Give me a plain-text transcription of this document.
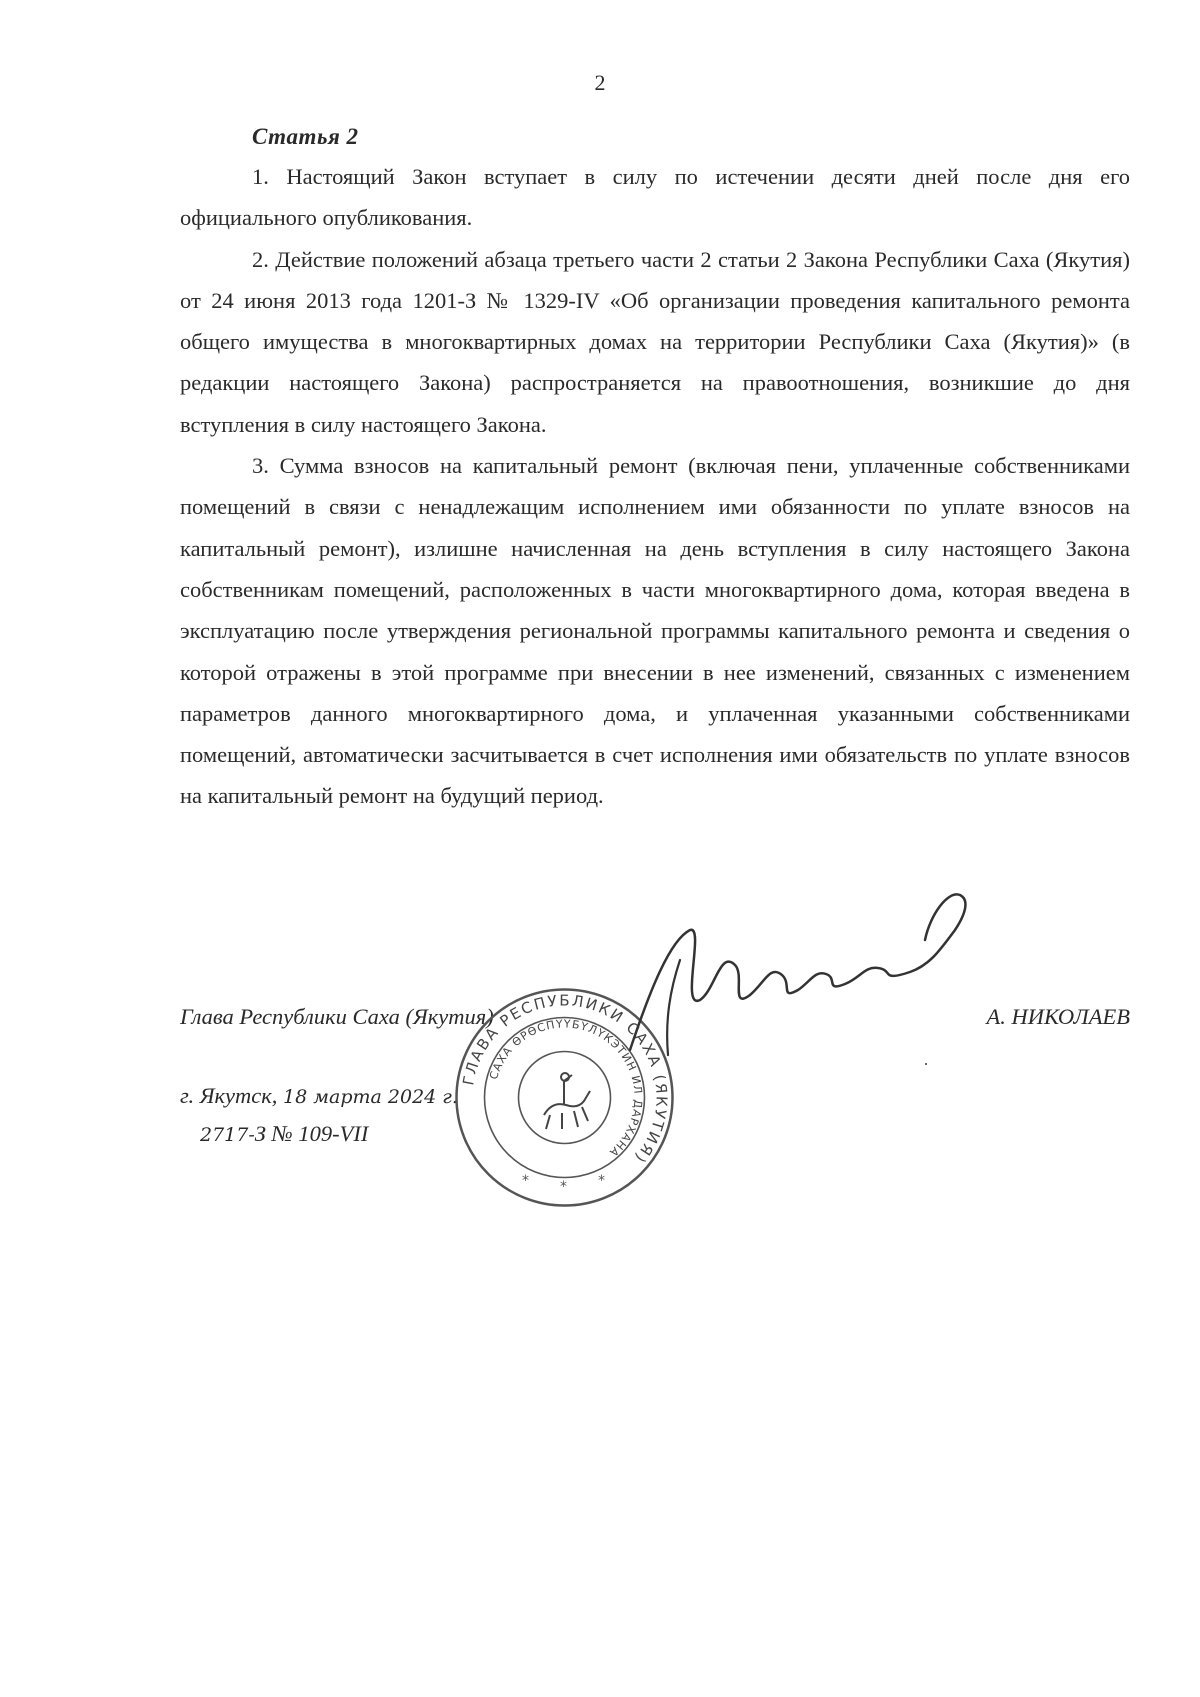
2
Статья 2

1. Настоящий Закон вступает в силу по истечении десяти дней после дня его официального опубликования.

2. Действие положений абзаца третьего части 2 статьи 2 Закона Республики Саха (Якутия) от 24 июня 2013 года 1201-З № 1329-IV «Об организации проведения капитального ремонта общего имущества в многоквартирных домах на территории Республики Саха (Якутия)» (в редакции настоящего Закона) распространяется на правоотношения, возникшие до дня вступления в силу настоящего Закона.

3. Сумма взносов на капитальный ремонт (включая пени, уплаченные собственниками помещений в связи с ненадлежащим исполнением ими обязанности по уплате взносов на капитальный ремонт), излишне начисленная на день вступления в силу настоящего Закона собственникам помещений, расположенных в части многоквартирного дома, которая введена в эксплуатацию после утверждения региональной программы капитального ремонта и сведения о которой отражены в этой программе при внесении в нее изменений, связанных с изменением параметров данного многоквартирного дома, и уплаченная указанными собственниками помещений, автоматически засчитывается в счет исполнения ими обязательств по уплате взносов на капитальный ремонт на будущий период.

Глава Республики Саха (Якутия)	А. НИКОЛАЕВ
г. Якутск, 18 марта 2024 г.
2717-З № 109-VII
ГЛАВА РЕСПУБЛИКИ САХА (ЯКУТИЯ)
САХА ӨРӨСПҮҮБҮЛҮКЭТИН ИЛ ДАРХАНА
* * *
